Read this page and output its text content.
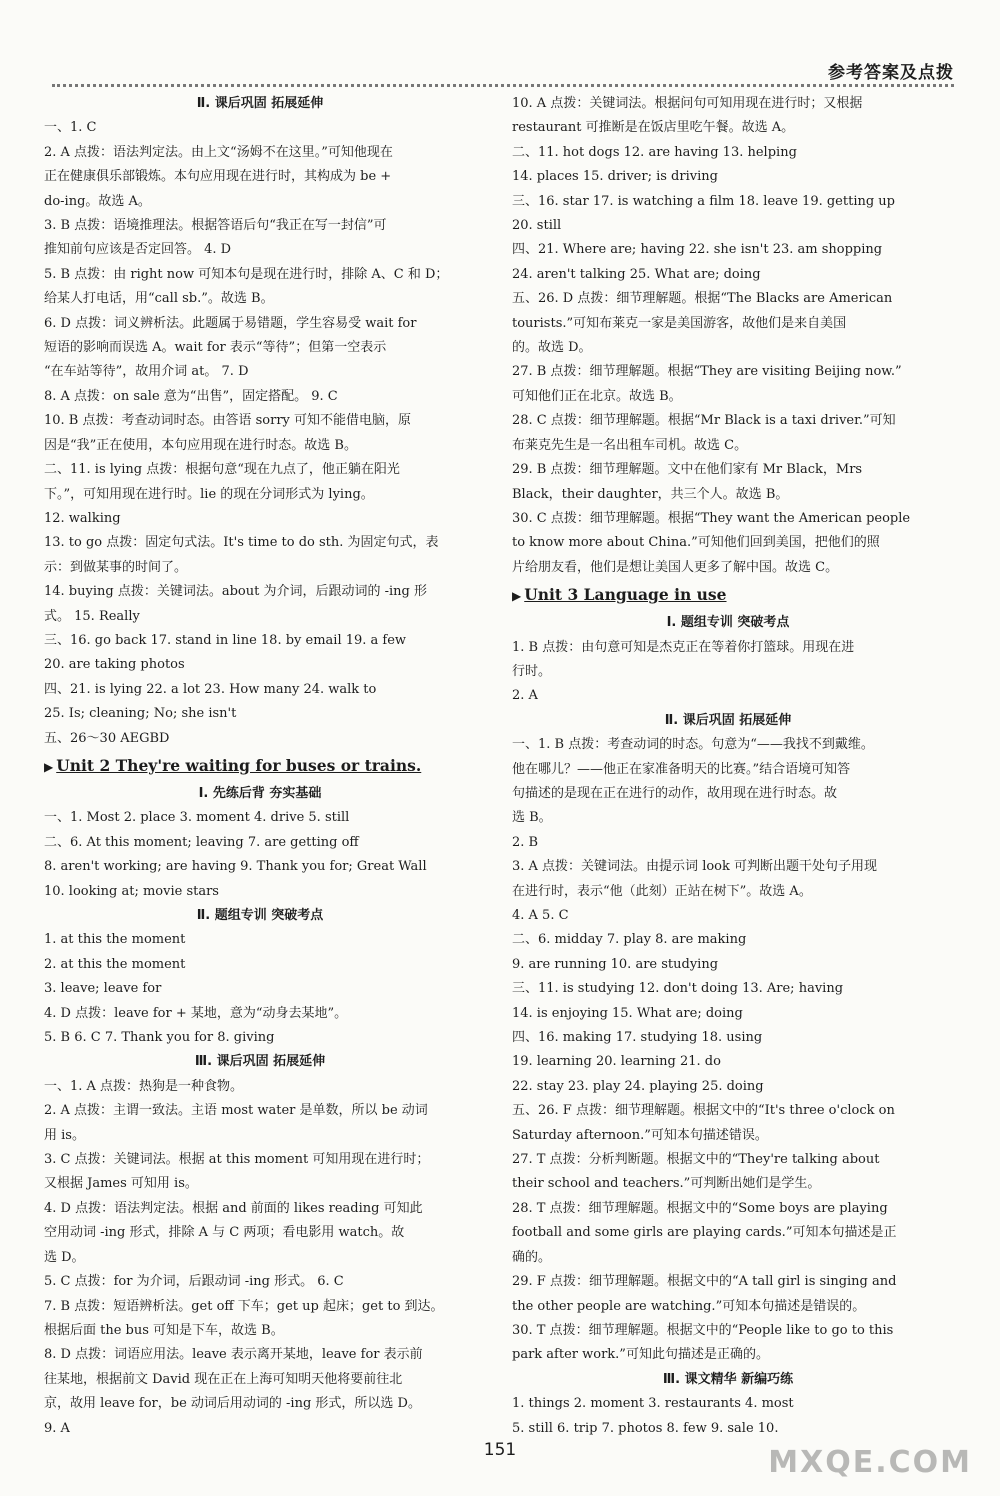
参考答案及点拨
Ⅱ. 课后巩固 拓展延伸
一、1. C
2. A 点拨：语法判定法。由上文“汤姆不在这里。”可知他现在
正在健康俱乐部锻炼。本句应用现在进行时，其构成为 be +
do-ing。故选 A。
3. B 点拨：语境推理法。根据答语后句“我正在写一封信”可
推知前句应该是否定回答。 4. D
5. B 点拨：由 right now 可知本句是现在进行时，排除 A、C 和 D；
给某人打电话，用“call sb.”。故选 B。
6. D 点拨：词义辨析法。此题属于易错题，学生容易受 wait for
短语的影响而误选 A。wait for 表示“等待”；但第一空表示
“在车站等待”，故用介词 at。 7. D
8. A 点拨：on sale 意为“出售”，固定搭配。 9. C
10. B 点拨：考查动词时态。由答语 sorry 可知不能借电脑，原
因是“我”正在使用，本句应用现在进行时态。故选 B。
二、11. is lying 点拨：根据句意“现在九点了，他正躺在阳光
下。”，可知用现在进行时。lie 的现在分词形式为 lying。
12. walking
13. to go 点拨：固定句式法。It's time to do sth. 为固定句式，表
示：到做某事的时间了。
14. buying 点拨：关键词法。about 为介词，后跟动词的 -ing 形
式。 15. Really
三、16. go back 17. stand in line 18. by email 19. a few
20. are taking photos
四、21. is lying 22. a lot 23. How many 24. walk to
25. Is; cleaning; No; she isn't
五、26～30 AEGBD
▶ Unit 2 They're waiting for buses or trains.
Ⅰ. 先练后背 夯实基础
一、1. Most 2. place 3. moment 4. drive 5. still
二、6. At this moment; leaving 7. are getting off
8. aren't working; are having 9. Thank you for; Great Wall
10. looking at; movie stars
Ⅱ. 题组专训 突破考点
1. at this the moment
2. at this the moment
3. leave; leave for
4. D 点拨：leave for + 某地，意为“动身去某地”。
5. B 6. C 7. Thank you for 8. giving
Ⅲ. 课后巩固 拓展延伸
一、1. A 点拨：热狗是一种食物。
2. A 点拨：主谓一致法。主语 most water 是单数，所以 be 动词
用 is。
3. C 点拨：关键词法。根据 at this moment 可知用现在进行时；
又根据 James 可知用 is。
4. D 点拨：语法判定法。根据 and 前面的 likes reading 可知此
空用动词 -ing 形式，排除 A 与 C 两项；看电影用 watch。故
选 D。
5. C 点拨：for 为介词，后跟动词 -ing 形式。 6. C
7. B 点拨：短语辨析法。get off 下车；get up 起床；get to 到达。
根据后面 the bus 可知是下车，故选 B。
8. D 点拨：词语应用法。leave 表示离开某地，leave for 表示前
往某地，根据前文 David 现在正在上海可知明天他将要前往北
京，故用 leave for，be 动词后用动词的 -ing 形式，所以选 D。
9. A
10. A 点拨：关键词法。根据问句可知用现在进行时；又根据
restaurant 可推断是在饭店里吃午餐。故选 A。
二、11. hot dogs 12. are having 13. helping
14. places 15. driver; is driving
三、16. star 17. is watching a film 18. leave 19. getting up
20. still
四、21. Where are; having 22. she isn't 23. am shopping
24. aren't talking 25. What are; doing
五、26. D 点拨：细节理解题。根据“The Blacks are American
tourists.”可知布莱克一家是美国游客，故他们是来自美国
的。故选 D。
27. B 点拨：细节理解题。根据“They are visiting Beijing now.”
可知他们正在北京。故选 B。
28. C 点拨：细节理解题。根据“Mr Black is a taxi driver.”可知
布莱克先生是一名出租车司机。故选 C。
29. B 点拨：细节理解题。文中在他们家有 Mr Black，Mrs
Black，their daughter，共三个人。故选 B。
30. C 点拨：细节理解题。根据“They want the American people
to know more about China.”可知他们回到美国，把他们的照
片给朋友看，他们是想让美国人更多了解中国。故选 C。
▶ Unit 3 Language in use
Ⅰ. 题组专训 突破考点
1. B 点拨：由句意可知是杰克正在等着你打篮球。用现在进
行时。
2. A
Ⅱ. 课后巩固 拓展延伸
一、1. B 点拨：考查动词的时态。句意为“——我找不到戴维。
他在哪儿？——他正在家准备明天的比赛。”结合语境可知答
句描述的是现在正在进行的动作，故用现在进行时态。故
选 B。
2. B
3. A 点拨：关键词法。由提示词 look 可判断出题干处句子用现
在进行时，表示“他（此刻）正站在树下”。故选 A。
4. A 5. C
二、6. midday 7. play 8. are making
9. are running 10. are studying
三、11. is studying 12. don't doing 13. Are; having
14. is enjoying 15. What are; doing
四、16. making 17. studying 18. using
19. learning 20. learning 21. do
22. stay 23. play 24. playing 25. doing
五、26. F 点拨：细节理解题。根据文中的“It's three o'clock on
Saturday afternoon.”可知本句描述错误。
27. T 点拨：分析判断题。根据文中的“They're talking about
their school and teachers.”可判断出她们是学生。
28. T 点拨：细节理解题。根据文中的“Some boys are playing
football and some girls are playing cards.”可知本句描述是正
确的。
29. F 点拨：细节理解题。根据文中的“A tall girl is singing and
the other people are watching.”可知本句描述是错误的。
30. T 点拨：细节理解题。根据文中的“People like to go to this
park after work.”可知此句描述是正确的。
Ⅲ. 课文精华 新编巧练
1. things 2. moment 3. restaurants 4. most
5. still 6. trip 7. photos 8. few 9. sale 10.
151	MXQE.COM
